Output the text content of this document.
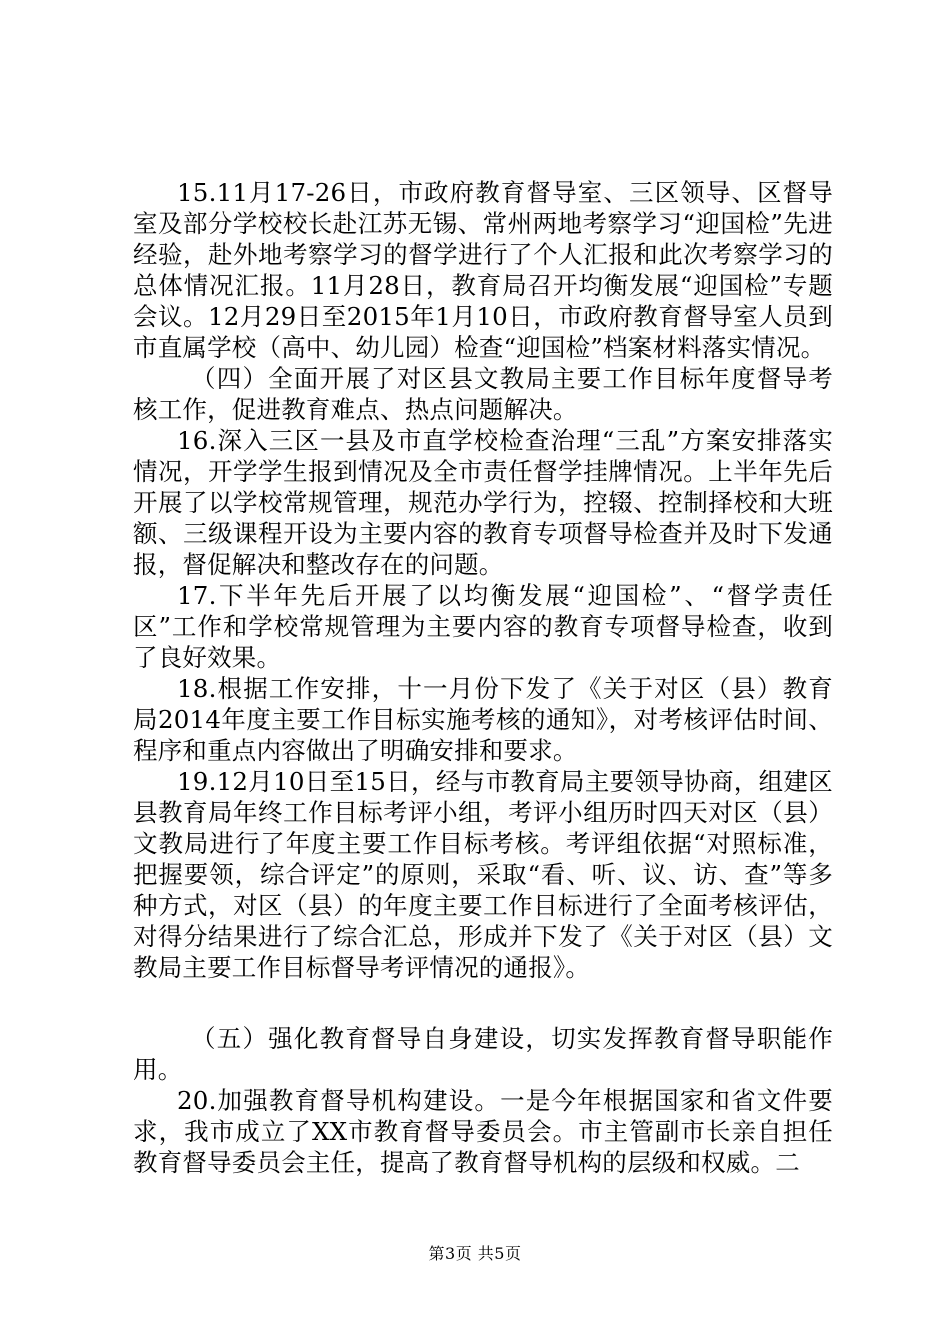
15.11月17-26日，市政府教育督导室、三区领导、区督导室及部分学校校长赴江苏无锡、常州两地考察学习“迎国检”先进经验，赴外地考察学习的督学进行了个人汇报和此次考察学习的总体情况汇报。11月28日，教育局召开均衡发展“迎国检”专题会议。12月29日至2015年1月10日，市政府教育督导室人员到市直属学校（高中、幼儿园）检查“迎国检”档案材料落实情况。

（四）全面开展了对区县文教局主要工作目标年度督导考核工作，促进教育难点、热点问题解决。

16.深入三区一县及市直学校检查治理“三乱”方案安排落实情况，开学学生报到情况及全市责任督学挂牌情况。上半年先后开展了以学校常规管理，规范办学行为，控辍、控制择校和大班额、三级课程开设为主要内容的教育专项督导检查并及时下发通报，督促解决和整改存在的问题。

17.下半年先后开展了以均衡发展“迎国检”、“督学责任区”工作和学校常规管理为主要内容的教育专项督导检查，收到了良好效果。

18.根据工作安排，十一月份下发了《关于对区（县）教育局2014年度主要工作目标实施考核的通知》，对考核评估时间、程序和重点内容做出了明确安排和要求。

19.12月10日至15日，经与市教育局主要领导协商，组建区县教育局年终工作目标考评小组，考评小组历时四天对区（县）文教局进行了年度主要工作目标考核。考评组依据“对照标准，把握要领，综合评定”的原则，采取“看、听、议、访、查”等多种方式，对区（县）的年度主要工作目标进行了全面考核评估，对得分结果进行了综合汇总，形成并下发了《关于对区（县）文教局主要工作目标督导考评情况的通报》。

（五）强化教育督导自身建设，切实发挥教育督导职能作用。

20.加强教育督导机构建设。一是今年根据国家和省文件要求，我市成立了XX市教育督导委员会。市主管副市长亲自担任教育督导委员会主任，提高了教育督导机构的层级和权威。二

第3页 共5页
